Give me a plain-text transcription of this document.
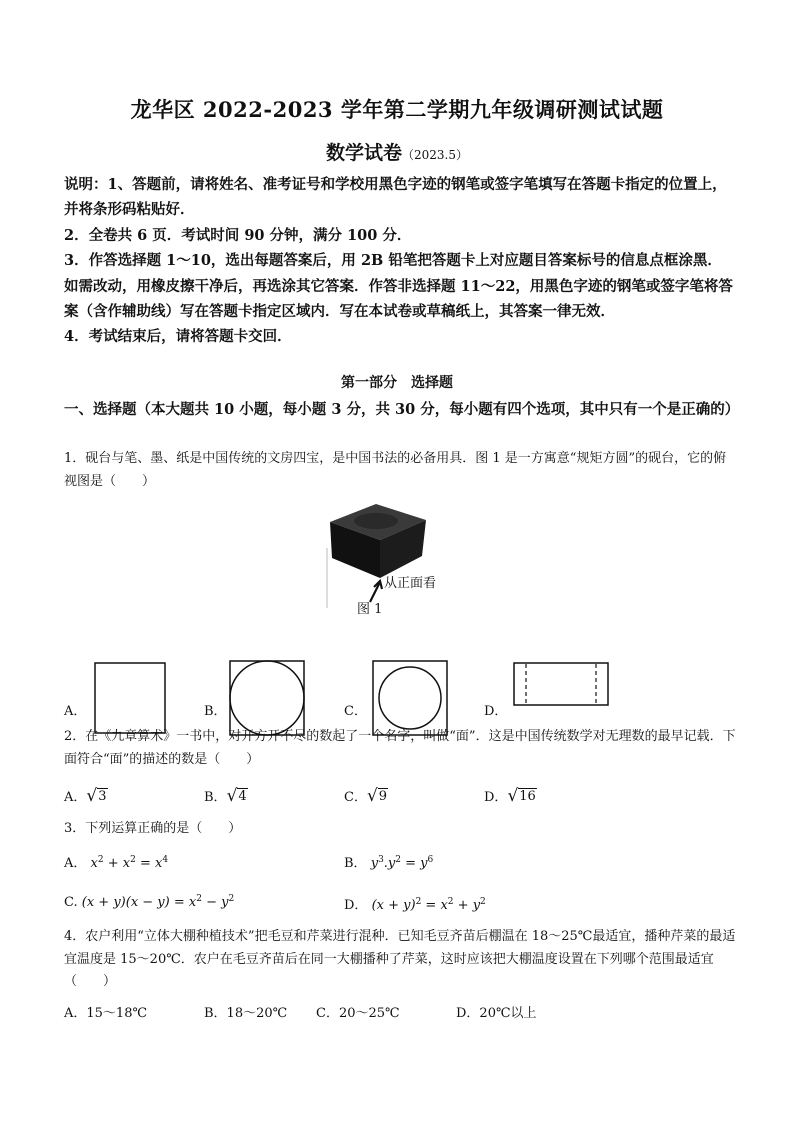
龙华区 2022-2023 学年第二学期九年级调研测试试题
数学试卷（2023.5）

说明：1、答题前，请将姓名、准考证号和学校用黑色字迹的钢笔或签字笔填写在答题卡指定的位置上，并将条形码粘贴好．

2．全卷共 6 页．考试时间 90 分钟，满分 100 分．

3．作答选择题 1～10，选出每题答案后，用 2B 铅笔把答题卡上对应题目答案标号的信息点框涂黑．如需改动，用橡皮擦干净后，再选涂其它答案．作答非选择题 11～22，用黑色字迹的钢笔或签字笔将答案（含作辅助线）写在答题卡指定区域内．写在本试卷或草稿纸上，其答案一律无效．

4．考试结束后，请将答题卡交回．

第一部分 选择题
一、选择题（本大题共 10 小题，每小题 3 分，共 30 分，每小题有四个选项，其中只有一个是正确的）
1．砚台与笔、墨、纸是中国传统的文房四宝，是中国书法的必备用具．图 1 是一方寓意“规矩方圆”的砚台，它的俯视图是（　　）
从正面看
图 1
A．	B．	C．	D．
2．在《九章算术》一书中，对开方开不尽的数起了一个名字，叫做“面”．这是中国传统数学对无理数的最早记载．下面符合“面”的描述的数是（　　）
A． √ 3	B． √ 4	C． √ 9	D． √ 16
3．下列运算正确的是（　　）
A． $x^2 + x^2 = x^4$	B． $y^3.y^2 = y^6$
C. $(x + y)(x - y) = x^2 - y^2$	D． $(x + y)^2 = x^2 + y^2$
4．农户利用“立体大棚种植技术”把毛豆和芹菜进行混种．已知毛豆齐苗后棚温在 18～25℃最适宜，播种芹菜的最适宜温度是 15～20℃．农户在毛豆齐苗后在同一大棚播种了芹菜，这时应该把大棚温度设置在下列哪个范围最适宜（　　）
A．15～18℃	B．18～20℃ C．20～25℃	D．20℃以上
